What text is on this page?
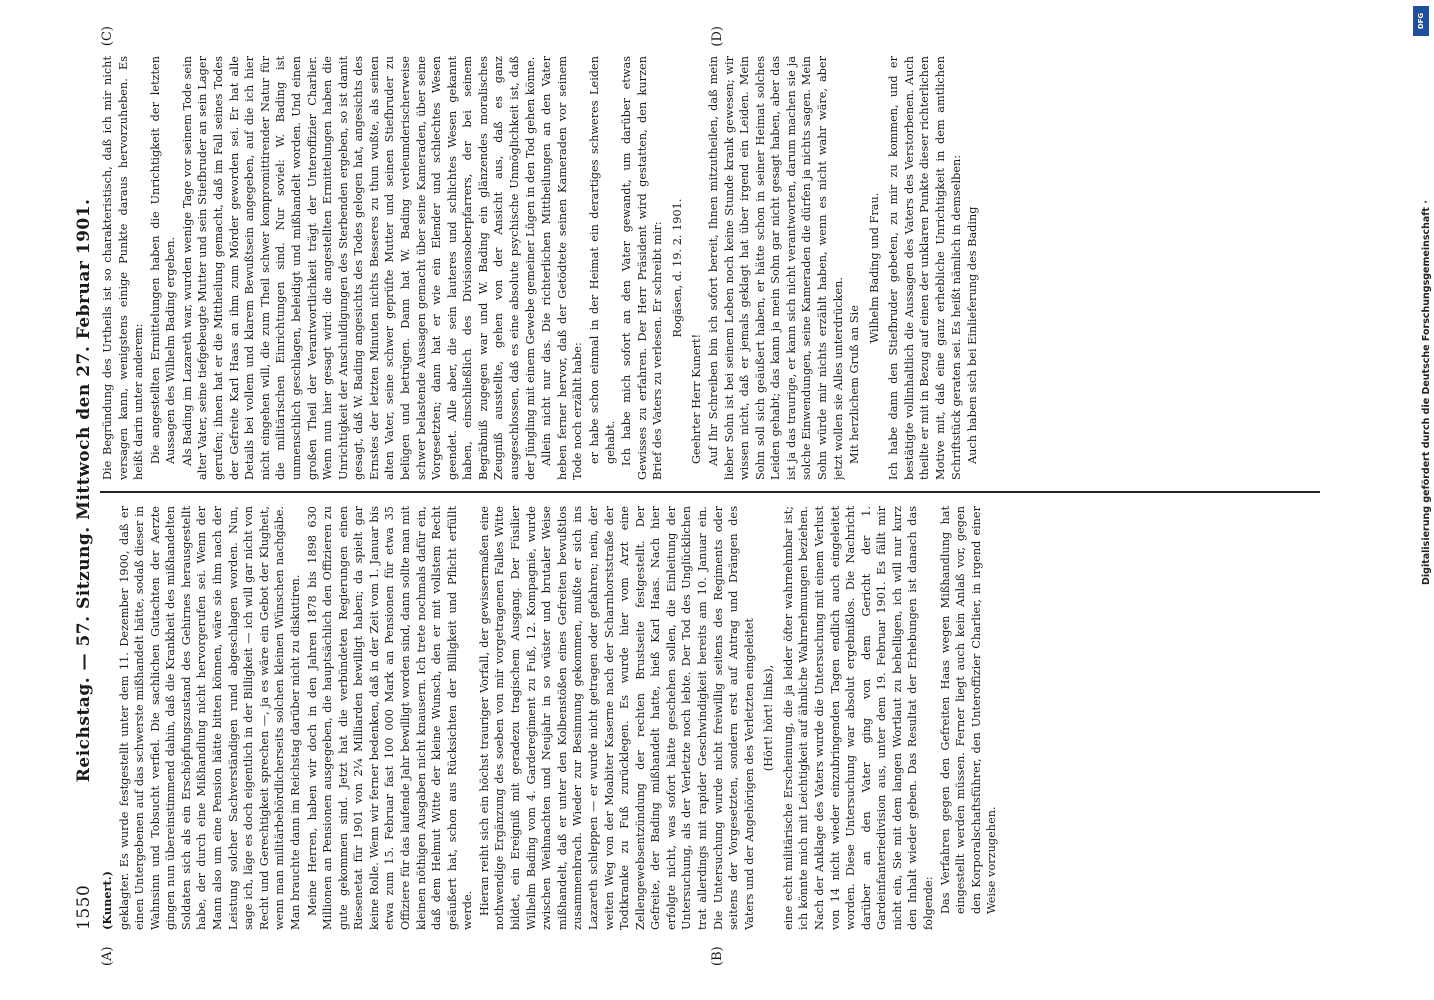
1550
Reichstag. — 57. Sitzung. Mittwoch den 27. Februar 1901.
(A)	(B)
(C)	(D)

(Kunert.) geklagter. Es wurde festgestellt unter dem 11. Dezember 1900, daß er einen Untergebenen auf das schwerste mißhandelt hätte, sodaß dieser in Wahnsinn und Tobsucht verfiel. Die sachlichen Gutachten der Aerzte gingen nun übereinstimmend dahin, daß die Krankheit des mißhandelten Soldaten sich als ein Erschöpfungszustand des Gehirnes herausgestellt habe, der durch eine Mißhandlung nicht hervorgerufen sei. Wenn der Mann also um eine Pension hätte bitten können, wäre sie ihm nach der Leistung solcher Sachverständigen rund abgeschlagen worden. Nun, sage ich, läge es doch eigentlich in der Billigkeit — ich will gar nicht von Recht und Gerechtigkeit sprechen —, ja es wäre ein Gebot der Klugheit, wenn man militärbehördlicherseits solchen kleinen Wünschen nachgäbe. Man brauchte dann im Reichstag darüber nicht zu diskutiren. Meine Herren, haben wir doch in den Jahren 1878 bis 1898 630 Millionen an Pensionen ausgegeben, die hauptsächlich den Offizieren zu gute gekommen sind. Jetzt hat die verbündeten Regierungen einen Riesenetat für 1901 von 2¼ Milliarden bewilligt haben; da spielt gar keine Rolle. Wenn wir ferner bedenken, daß in der Zeit vom 1. Januar bis etwa zum 15. Februar fast 100 000 Mark an Pensionen für etwa 35 Offiziere für das laufende Jahr bewilligt worden sind, dann sollte man mit kleinen nöthigen Ausgaben nicht knausern. Ich trete nochmals dafür ein, daß dem Helmut Witte der kleine Wunsch, den er mit vollstem Recht geäußert hat, schon aus Rücksichten der Billigkeit und Pflicht erfüllt werde. Hieran reiht sich ein höchst trauriger Vorfall, der gewissermaßen eine nothwendige Ergänzung des soeben von mir vorgetragenen Falles Witte bildet, ein Ereigniß mit geradezu tragischem Ausgang. Der Füsilier Wilhelm Bading vom 4. Garderegiment zu Fuß, 12. Kompagnie, wurde zwischen Weihnachten und Neujahr in so wüster und brutaler Weise mißhandelt, daß er unter den Kolbenstößen eines Gefreiten bewußtlos zusammenbrach. Wieder zur Besinnung gekommen, mußte er sich ins Lazareth schleppen — er wurde nicht getragen oder gefahren; nein, der weiten Weg von der Moabiter Kaserne nach der Scharnhorststraße der Todtkranke zu Fuß zurücklegen. Es wurde hier vom Arzt eine Zellengewebsentzündung der rechten Brustseite festgestellt. Der Gefreite, der Bading mißhandelt hatte, hieß Karl Haas. Nach hier erfolgte nicht, was sofort hätte geschehen sollen, die Einleitung der Untersuchung, als der Verletzte noch lebte. Der Tod des Unglücklichen trat allerdings mit rapider Geschwindigkeit bereits am 10. Januar ein. Die Untersuchung wurde nicht freiwillig seitens des Regiments oder seitens der Vorgesetzten, sondern erst auf Antrag und Drängen des Vaters und der Angehörigen des Verletzten eingeleitet (Hört! hört! links), eine echt militärische Erscheinung, die ja leider öfter wahrnehmbar ist; ich könnte mich mit Leichtigkeit auf ähnliche Wahrnehmungen beziehen. Nach der Anklage des Vaters wurde die Untersuchung mit einem Verlust von 14 nicht wieder einzubringenden Tagen endlich auch eingeleitet worden. Diese Untersuchung war absolut ergebnißlos. Die Nachricht darüber an den Vater ging von dem Gericht der 1. Gardeinfanteriedivision aus, unter dem 19. Februar 1901. Es fällt mir nicht ein, Sie mit dem langen Wortlaut zu behelligen, ich will nur kurz den Inhalt wieder geben. Das Resultat der Erhebungen ist danach das folgende: Das Verfahren gegen den Gefreiten Haas wegen Mißhandlung hat eingestellt werden müssen. Ferner liegt auch kein Anlaß vor, gegen den Korporalschaftsführer, den Unteroffizier Charlier, in irgend einer Weise vorzugehen.

Die Begründung des Urtheils ist so charakteristisch, daß ich mir nicht versagen kann, wenigstens einige Punkte daraus hervorzuheben. Es heißt darin unter anderem: Die angestellten Ermittelungen haben die Unrichtigkeit der letzten Aussagen des Wilhelm Bading ergeben. Als Bading im Lazareth war, wurden wenige Tage vor seinem Tode sein alter Vater, seine tiefgebeugte Mutter und sein Stiefbruder an sein Lager gerufen; ihnen hat er die Mittheilung gemacht, daß im Fall seines Todes der Gefreite Karl Haas an ihm zum Mörder geworden sei. Er hat alle Details bei vollem und klarem Bewußtsein angegeben, auf die ich hier nicht eingehen will, die zum Theil schwer kompromittirender Natur für die militärischen Einrichtungen sind. Nur soviel: W. Bading ist unmenschlich geschlagen, beleidigt und mißhandelt worden. Und einen großen Theil der Verantwortlichkeit trägt der Unteroffizier Charlier. Wenn nun hier gesagt wird: die angestellten Ermittelungen haben die Unrichtigkeit der Anschuldigungen des Sterbenden ergeben, so ist damit gesagt, daß W. Bading angesichts des Todes gelogen hat, angesichts des Ernstes der letzten Minuten nichts Besseres zu thun wußte, als seinen alten Vater, seine schwer geprüfte Mutter und seinen Stiefbruder zu belügen und betrügen. Dann hat W. Bading verleumderischerweise schwer belastende Aussagen gemacht über seine Kameraden, über seine Vorgesetzten; dann hat er wie ein Elender und schlechtes Wesen geendet. Alle aber, die sein lauteres und schlichtes Wesen gekannt haben, einschließlich des Divisionsoberpfarrers, der bei seinem Begräbniß zugegen war und W. Bading ein glänzendes moralisches Zeugniß ausstellte, gehen von der Ansicht aus, daß es ganz ausgeschlossen, daß es eine absolute psychische Unmöglichkeit ist, daß der Jüngling mit einem Gewebe gemeiner Lügen in den Tod gehen könne. Allein nicht nur das. Die richterlichen Mittheilungen an den Vater heben ferner hervor, daß der Getödtete seinen Kameraden vor seinem Tode noch erzählt habe: er habe schon einmal in der Heimat ein derartiges schweres Leiden gehabt. Ich habe mich sofort an den Vater gewandt, um darüber etwas Gewisses zu erfahren. Der Herr Präsident wird gestatten, den kurzen Brief des Vaters zu verlesen. Er schreibt mir: Rogäsen, d. 19. 2. 1901.

Geehrter Herr Kunert! Auf Ihr Schreiben bin ich sofort bereit, Ihnen mitzutheilen, daß mein lieber Sohn ist bei seinem Leben noch keine Stunde krank gewesen; wir wissen nicht, daß er jemals geklagt hat über irgend ein Leiden. Mein Sohn soll sich geäußert haben, er hätte schon in seiner Heimat solches Leiden gehabt; das kann ja mein Sohn gar nicht gesagt haben, aber das ist ja das traurige, er kann sich nicht verantworten, darum machen sie ja solche Einwendungen, seine Kameraden die dürfen ja nichts sagen. Mein Sohn würde mir nichts erzählt haben, wenn es nicht wahr wäre, aber jetzt wollen sie Alles unterdrücken. Mit herzlichem Gruß an Sie

Wilhelm Bading und Frau. Ich habe dann den Stiefbruder gebeten, zu mir zu kommen, und er bestätigte vollinhaltlich die Aussagen des Vaters des Verstorbenen. Auch theilte er mit in Bezug auf einen der unklaren Punkte dieser richterlichen Motive mit, daß eine ganz erhebliche Unrichtigkeit in dem amtlichen Schriftstück geraten sei. Es heißt nämlich in demselben: Auch haben sich bei Einlieferung des Bading

DFG
Digitalisierung gefördert durch die Deutsche Forschungsgemeinschaft ·
